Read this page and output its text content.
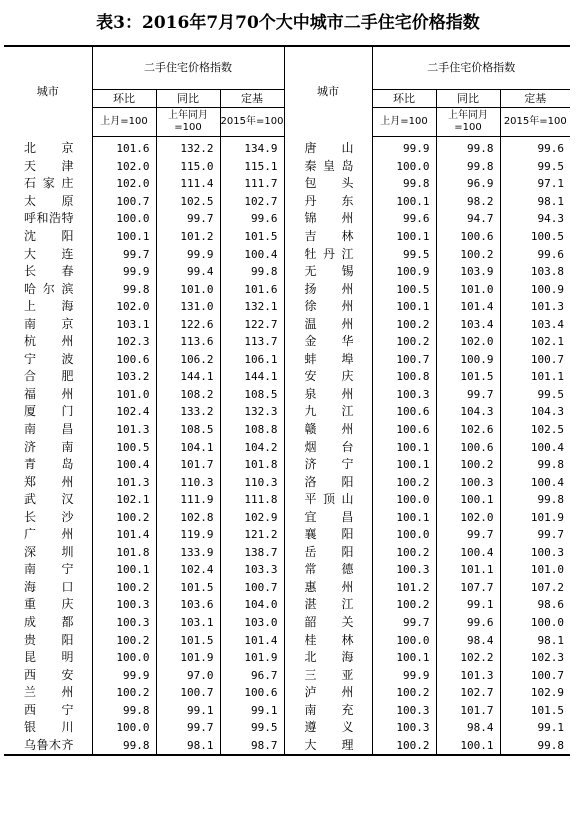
表3：2016年7月70个大中城市二手住宅价格指数
城市	二手住宅价格指数			城市	二手住宅价格指数		
	环比	同比	定基		环比	同比	定基
	上月=100	上年同月=100	2015年=100		上月=100	上年同月=100	2015年=100
北京	101.6	132.2	134.9	唐山	99.9	99.8	99.6
天津	102.0	115.0	115.1	秦皇岛	100.0	99.8	99.5
石家庄	102.0	111.4	111.7	包头	99.8	96.9	97.1
太原	100.7	102.5	102.7	丹东	100.1	98.2	98.1
呼和浩特	100.0	99.7	99.6	锦州	99.6	94.7	94.3
沈阳	100.1	101.2	101.5	吉林	100.1	100.6	100.5
大连	99.7	99.9	100.4	牡丹江	99.5	100.2	99.6
长春	99.9	99.4	99.8	无锡	100.9	103.9	103.8
哈尔滨	99.8	101.0	101.6	扬州	100.5	101.0	100.9
上海	102.0	131.0	132.1	徐州	100.1	101.4	101.3
南京	103.1	122.6	122.7	温州	100.2	103.4	103.4
杭州	102.3	113.6	113.7	金华	100.2	102.0	102.1
宁波	100.6	106.2	106.1	蚌埠	100.7	100.9	100.7
合肥	103.2	144.1	144.1	安庆	100.8	101.5	101.1
福州	101.0	108.2	108.5	泉州	100.3	99.7	99.5
厦门	102.4	133.2	132.3	九江	100.6	104.3	104.3
南昌	101.3	108.5	108.8	赣州	100.6	102.6	102.5
济南	100.5	104.1	104.2	烟台	100.1	100.6	100.4
青岛	100.4	101.7	101.8	济宁	100.1	100.2	99.8
郑州	101.3	110.3	110.3	洛阳	100.2	100.3	100.4
武汉	102.1	111.9	111.8	平顶山	100.0	100.1	99.8
长沙	100.2	102.8	102.9	宜昌	100.1	102.0	101.9
广州	101.4	119.9	121.2	襄阳	100.0	99.7	99.7
深圳	101.8	133.9	138.7	岳阳	100.2	100.4	100.3
南宁	100.1	102.4	103.3	常德	100.3	101.1	101.0
海口	100.2	101.5	100.7	惠州	101.2	107.7	107.2
重庆	100.3	103.6	104.0	湛江	100.2	99.1	98.6
成都	100.3	103.1	103.0	韶关	99.7	99.6	100.0
贵阳	100.2	101.5	101.4	桂林	100.0	98.4	98.1
昆明	100.0	101.9	101.9	北海	100.1	102.2	102.3
西安	99.9	97.0	96.7	三亚	99.9	101.3	100.7
兰州	100.2	100.7	100.6	泸州	100.2	102.7	102.9
西宁	99.8	99.1	99.1	南充	100.3	101.7	101.5
银川	100.0	99.7	99.5	遵义	100.3	98.4	99.1
乌鲁木齐	99.8	98.1	98.7	大理	100.2	100.1	99.8
